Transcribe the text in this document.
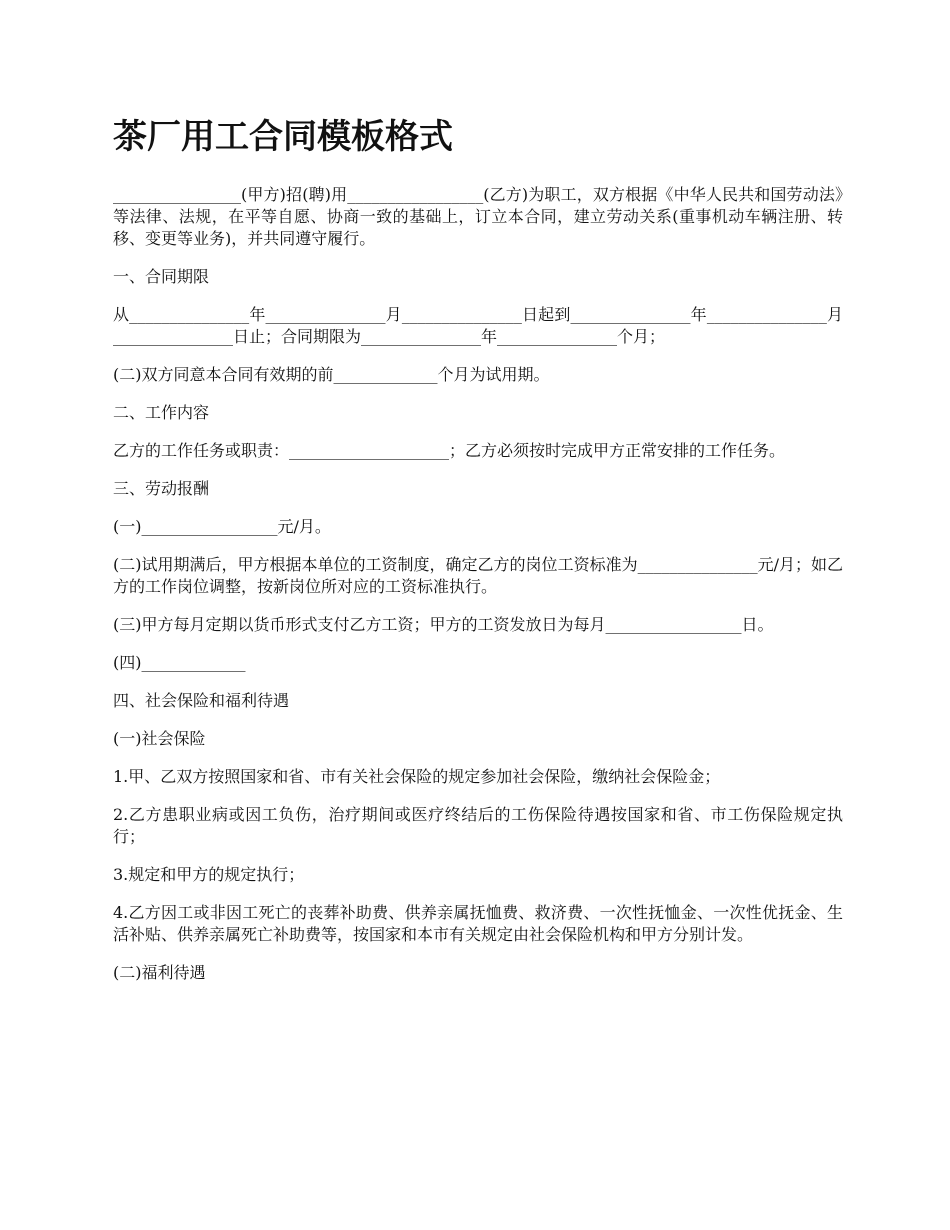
茶厂用工合同模板格式

________________(甲方)招(聘)用_________________(乙方)为职工，双方根据《中华人民共和国劳动法》等法律、法规，在平等自愿、协商一致的基础上，订立本合同，建立劳动关系(重事机动车辆注册、转移、变更等业务)，并共同遵守履行。

一、合同期限

从_______________年_______________月_______________日起到_______________年_______________月_______________日止；合同期限为_______________年_______________个月；

(二)双方同意本合同有效期的前_____________个月为试用期。

二、工作内容

乙方的工作任务或职责：____________________；乙方必须按时完成甲方正常安排的工作任务。

三、劳动报酬

(一)_________________元/月。

(二)试用期满后，甲方根据本单位的工资制度，确定乙方的岗位工资标准为_______________元/月；如乙方的工作岗位调整，按新岗位所对应的工资标准执行。

(三)甲方每月定期以货币形式支付乙方工资；甲方的工资发放日为每月_________________日。

(四)_____________

四、社会保险和福利待遇

(一)社会保险

1.甲、乙双方按照国家和省、市有关社会保险的规定参加社会保险，缴纳社会保险金；

2.乙方患职业病或因工负伤，治疗期间或医疗终结后的工伤保险待遇按国家和省、市工伤保险规定执行；

3.规定和甲方的规定执行；

4.乙方因工或非因工死亡的丧葬补助费、供养亲属抚恤费、救济费、一次性抚恤金、一次性优抚金、生活补贴、供养亲属死亡补助费等，按国家和本市有关规定由社会保险机构和甲方分别计发。

(二)福利待遇
